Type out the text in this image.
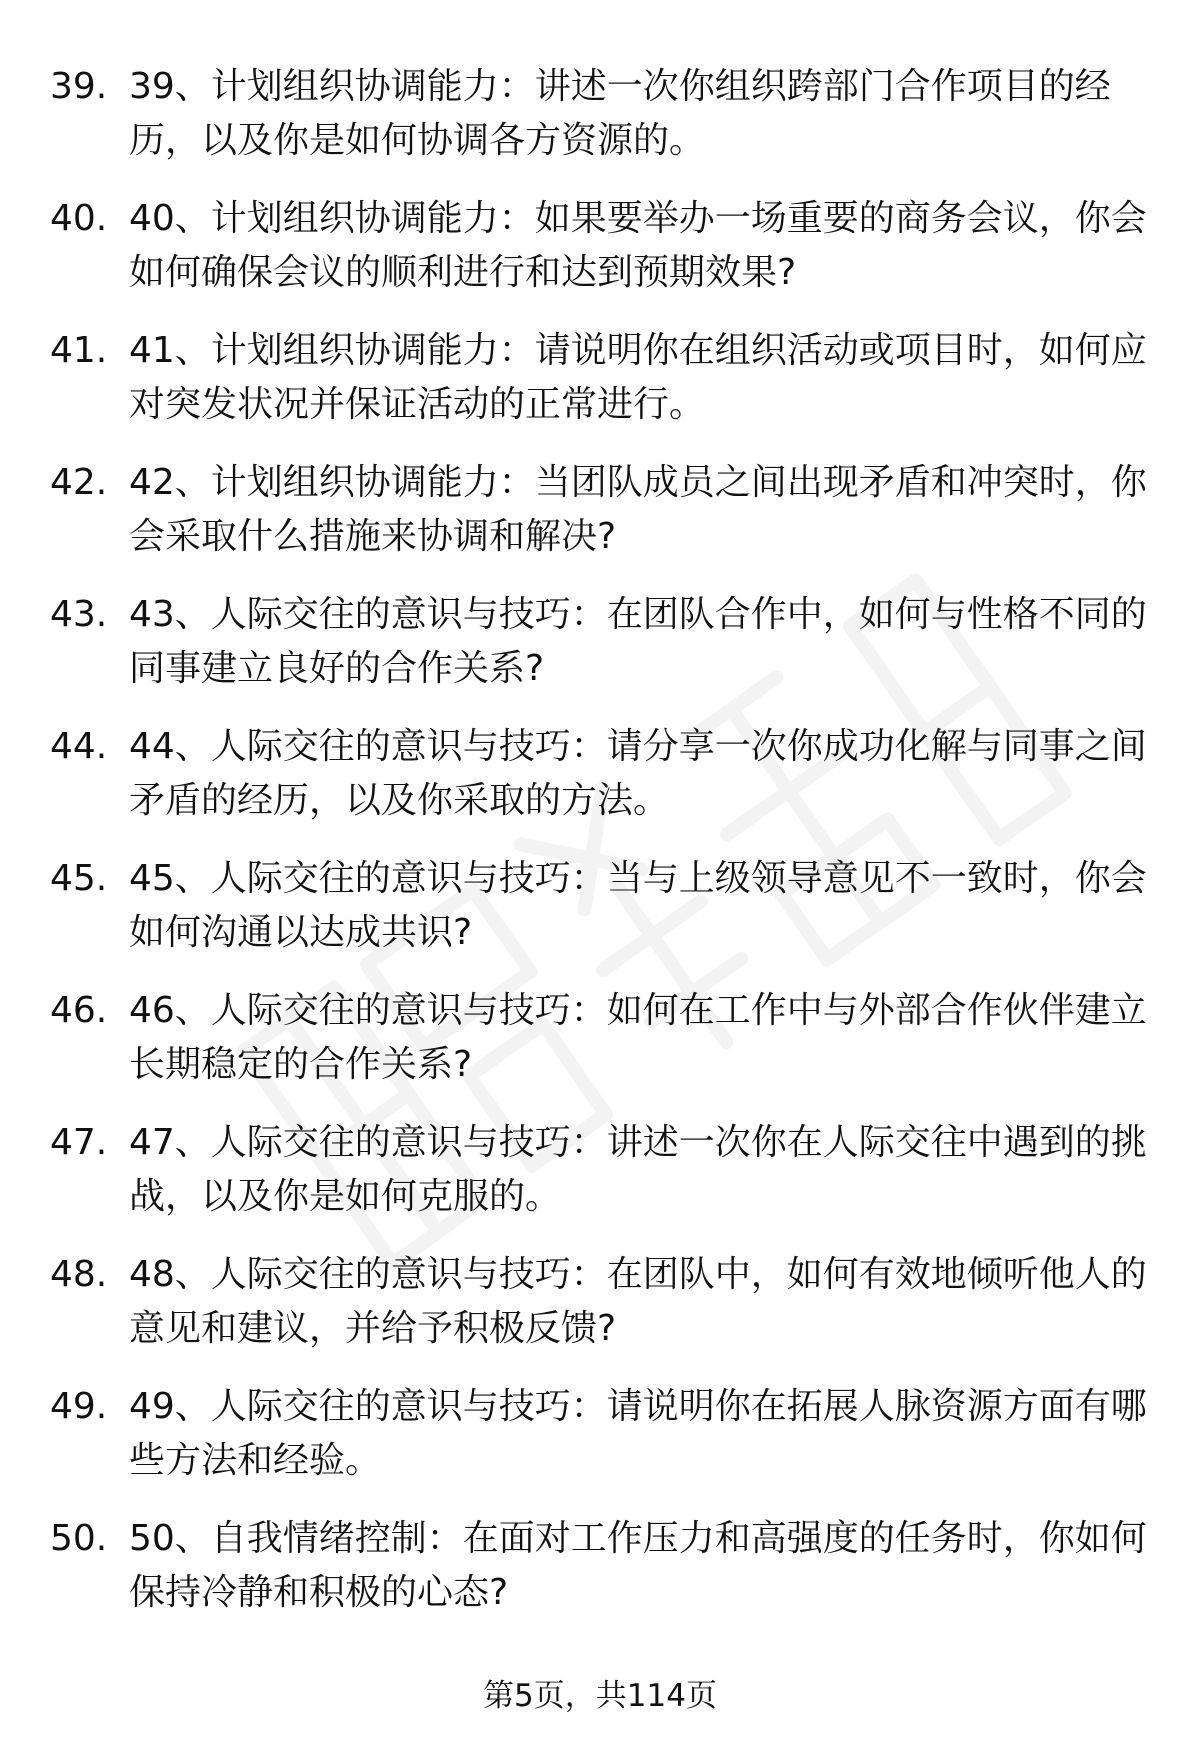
39. 39、计划组织协调能力：讲述一次你组织跨部门合作项目的经历，以及你是如何协调各方资源的。
40. 40、计划组织协调能力：如果要举办一场重要的商务会议，你会如何确保会议的顺利进行和达到预期效果?
41. 41、计划组织协调能力：请说明你在组织活动或项目时，如何应对突发状况并保证活动的正常进行。
42. 42、计划组织协调能力：当团队成员之间出现矛盾和冲突时，你会采取什么措施来协调和解决?
43. 43、人际交往的意识与技巧：在团队合作中，如何与性格不同的同事建立良好的合作关系?
44. 44、人际交往的意识与技巧：请分享一次你成功化解与同事之间矛盾的经历，以及你采取的方法。
45. 45、人际交往的意识与技巧：当与上级领导意见不一致时，你会如何沟通以达成共识?
46. 46、人际交往的意识与技巧：如何在工作中与外部合作伙伴建立长期稳定的合作关系?
47. 47、人际交往的意识与技巧：讲述一次你在人际交往中遇到的挑战，以及你是如何克服的。
48. 48、人际交往的意识与技巧：在团队中，如何有效地倾听他人的意见和建议，并给予积极反馈?
49. 49、人际交往的意识与技巧：请说明你在拓展人脉资源方面有哪些方法和经验。
50. 50、自我情绪控制：在面对工作压力和高强度的任务时，你如何保持冷静和积极的心态?
第5页，共114页
